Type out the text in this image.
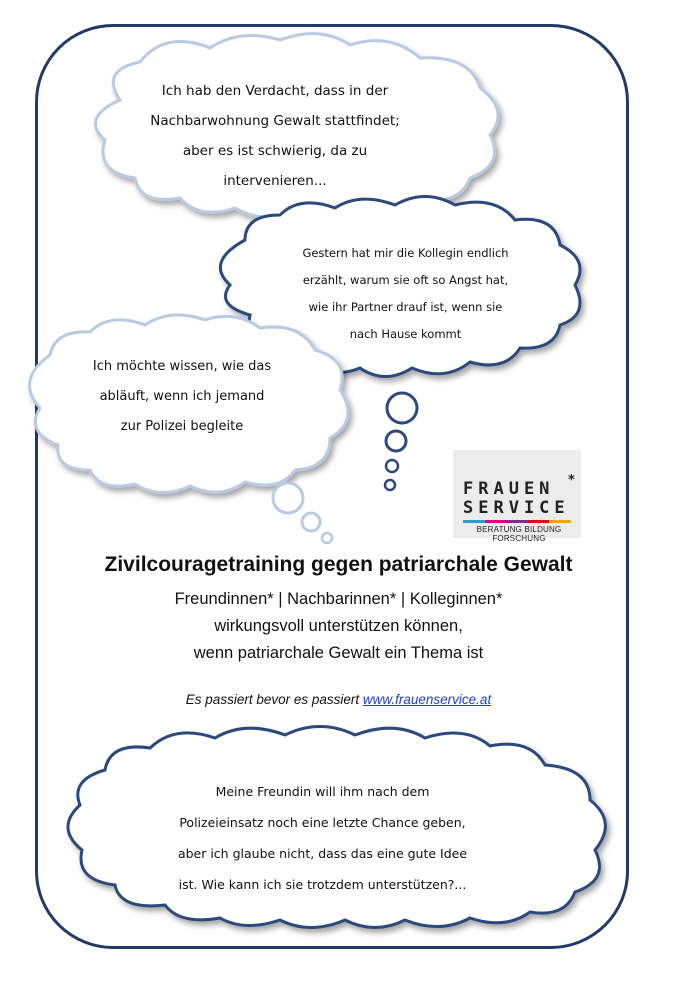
Ich hab den Verdacht, dass in der
Nachbarwohnung Gewalt stattfindet;
aber es ist schwierig, da zu
intervenieren...
Gestern hat mir die Kollegin endlich
erzählt, warum sie oft so Angst hat,
wie ihr Partner drauf ist, wenn sie
nach Hause kommt
Ich möchte wissen, wie das
abläuft, wenn ich jemand
zur Polizei begleite
Meine Freundin will ihm nach dem
Polizeieinsatz noch eine letzte Chance geben,
aber ich glaube nicht, dass das eine gute Idee
ist. Wie kann ich sie trotzdem unterstützen?...
FRAUEN *
SERVICE
BERATUNG BILDUNG FORSCHUNG
Zivilcouragetraining gegen patriarchale Gewalt
Freundinnen* | Nachbarinnen* | Kolleginnen*
wirkungsvoll unterstützen können,
wenn patriarchale Gewalt ein Thema ist
Es passiert bevor es passiert www.frauenservice.at
